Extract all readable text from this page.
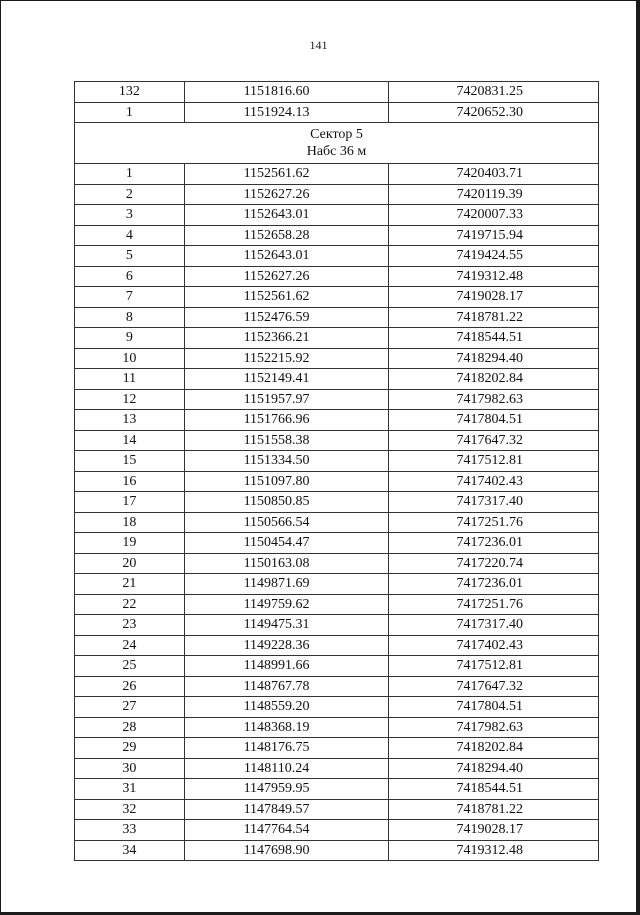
141
132	1151816.60	7420831.25
1	1151924.13	7420652.30

Сектор 5
Набс 36 м		

1	1152561.62	7420403.71
2	1152627.26	7420119.39
3	1152643.01	7420007.33
4	1152658.28	7419715.94
5	1152643.01	7419424.55
6	1152627.26	7419312.48
7	1152561.62	7419028.17
8	1152476.59	7418781.22
9	1152366.21	7418544.51
10	1152215.92	7418294.40
11	1152149.41	7418202.84
12	1151957.97	7417982.63
13	1151766.96	7417804.51
14	1151558.38	7417647.32
15	1151334.50	7417512.81
16	1151097.80	7417402.43
17	1150850.85	7417317.40
18	1150566.54	7417251.76
19	1150454.47	7417236.01
20	1150163.08	7417220.74
21	1149871.69	7417236.01
22	1149759.62	7417251.76
23	1149475.31	7417317.40
24	1149228.36	7417402.43
25	1148991.66	7417512.81
26	1148767.78	7417647.32
27	1148559.20	7417804.51
28	1148368.19	7417982.63
29	1148176.75	7418202.84
30	1148110.24	7418294.40
31	1147959.95	7418544.51
32	1147849.57	7418781.22
33	1147764.54	7419028.17
34	1147698.90	7419312.48
